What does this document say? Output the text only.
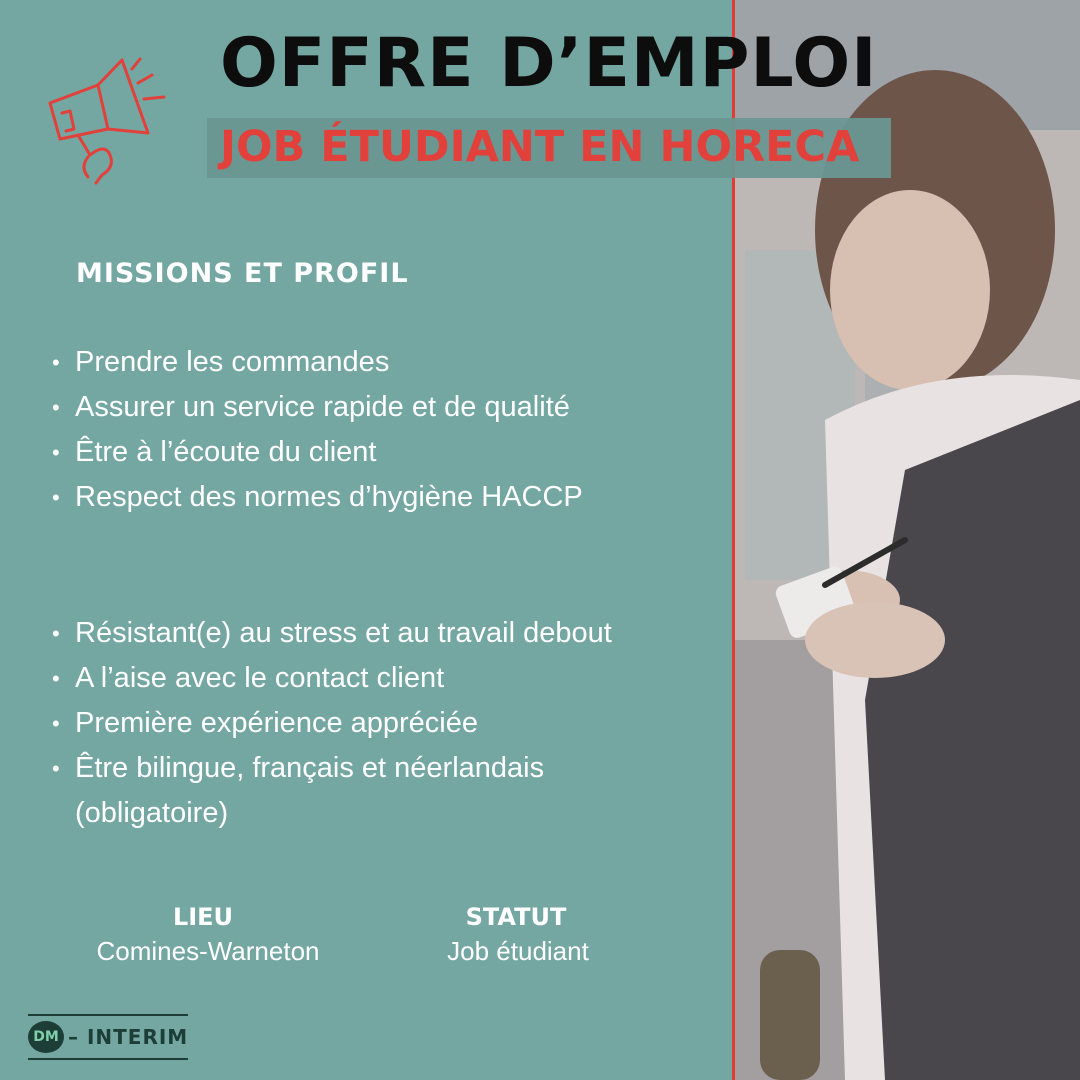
OFFRE D’EMPLOI
JOB ÉTUDIANT EN HORECA
MISSIONS ET PROFIL
• Prendre les commandes
• Assurer un service rapide et de qualité
• Être à l’écoute du client
• Respect des normes d’hygiène HACCP
• Résistant(e) au stress et au travail debout
• A l’aise avec le contact client
• Première expérience appréciée
• Être bilingue, français et néerlandais (obligatoire)
LIEU
Comines-Warneton
STATUT
Job étudiant
DM – INTERIM
